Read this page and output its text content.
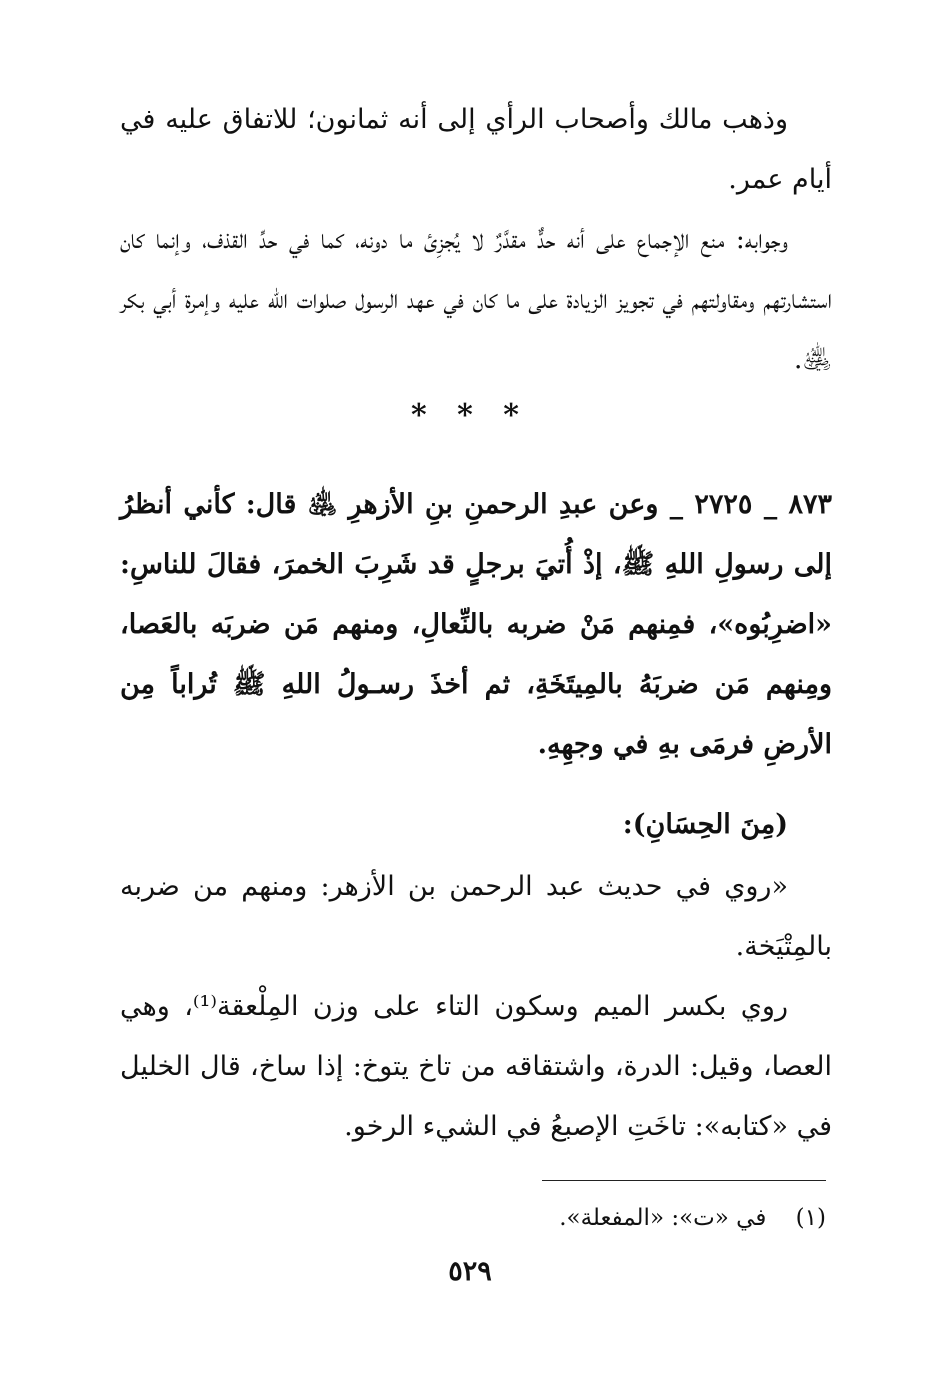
وذهب مالك وأصحاب الرأي إلى أنه ثمانون؛ للاتفاق عليه في أيام عمر.

وجوابه: منع الإجماع على أنه حدٌّ مقدَّرٌ لا يُجزِئ ما دونه، كما في حدِّ القذف، وإنما كان استشارتهم ومقاولتهم في تجويز الزيادة على ما كان في عهد الرسول صلوات الله عليه وإمرة أبي بكر ﵁.

* * *

٨٧٣ _ ٢٧٢٥ _ وعن عبدِ الرحمنِ بنِ الأزهرِ ﵁ قال: كأني أنظرُ إلى رسولِ اللهِ ﷺ، إذْ أُتيَ برجلٍ قد شَرِبَ الخمرَ، فقالَ للناسِ: «اضرِبُوه»، فمِنهم مَنْ ضربه بالنِّعالِ، ومنهم مَن ضربَه بالعَصا، ومِنهم مَن ضربَهُ بالمِيتَخَةِ، ثم أخذَ رسـولُ اللهِ ﷺ تُراباً مِن الأرضِ فرمَى بهِ في وجهِهِ.

(مِنَ الحِسَانِ):

«روي في حديث عبد الرحمن بن الأزهر: ومنهم من ضربه بالمِتْيَخة.

روي بكسر الميم وسكون التاء على وزن المِلْعقة⁽¹⁾، وهي العصا، وقيل: الدرة، واشتقاقه من تاخ يتوخ: إذا ساخ، قال الخليل في «كتابه»: تاخَتِ الإصبعُ في الشيء الرخو.

(١) في «ت»: «المفعلة».
٥٢٩
